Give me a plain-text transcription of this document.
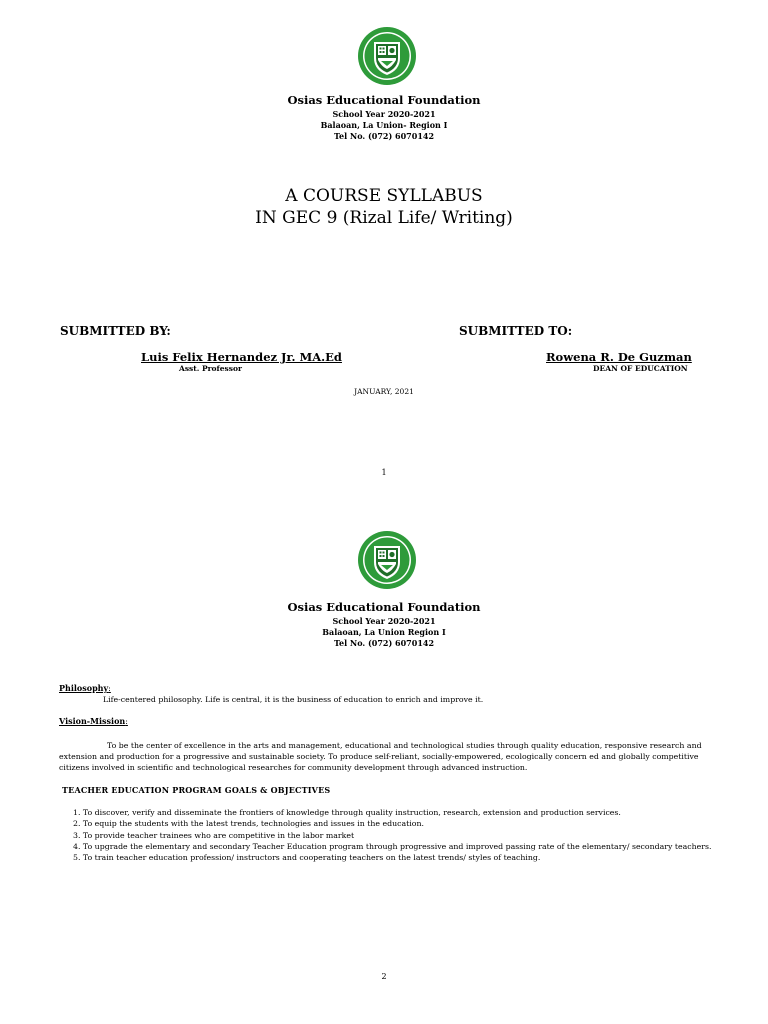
Osias Educational Foundation
School Year 2020-2021
Balaoan, La Union- Region I
Tel No. (072) 6070142
A COURSE SYLLABUS
IN GEC 9 (Rizal Life/ Writing)
SUBMITTED BY:
Luis Felix Hernandez Jr. MA.Ed
Asst. Professor
SUBMITTED TO:
Rowena R. De Guzman
DEAN OF EDUCATION
JANUARY, 2021
1
Osias Educational Foundation
School Year 2020-2021
Balaoan, La Union Region I
Tel No. (072) 6070142
Philosophy:
Life-centered philosophy. Life is central, it is the business of education to enrich and improve it.
Vision-Mission:
To be the center of excellence in the arts and management, educational and technological studies through quality education, responsive research and
extension and production for a progressive and sustainable society. To produce self-reliant, socially-empowered, ecologically concern ed and globally competitive
citizens involved in scientific and technological researches for community development through advanced instruction.
TEACHER EDUCATION PROGRAM GOALS & OBJECTIVES
1. To discover, verify and disseminate the frontiers of knowledge through quality instruction, research, extension and production services.
2. To equip the students with the latest trends, technologies and issues in the education.
3. To provide teacher trainees who are competitive in the labor market
4. To upgrade the elementary and secondary Teacher Education program through progressive and improved passing rate of the elementary/ secondary teachers.
5. To train teacher education profession/ instructors and cooperating teachers on the latest trends/ styles of teaching.
2
